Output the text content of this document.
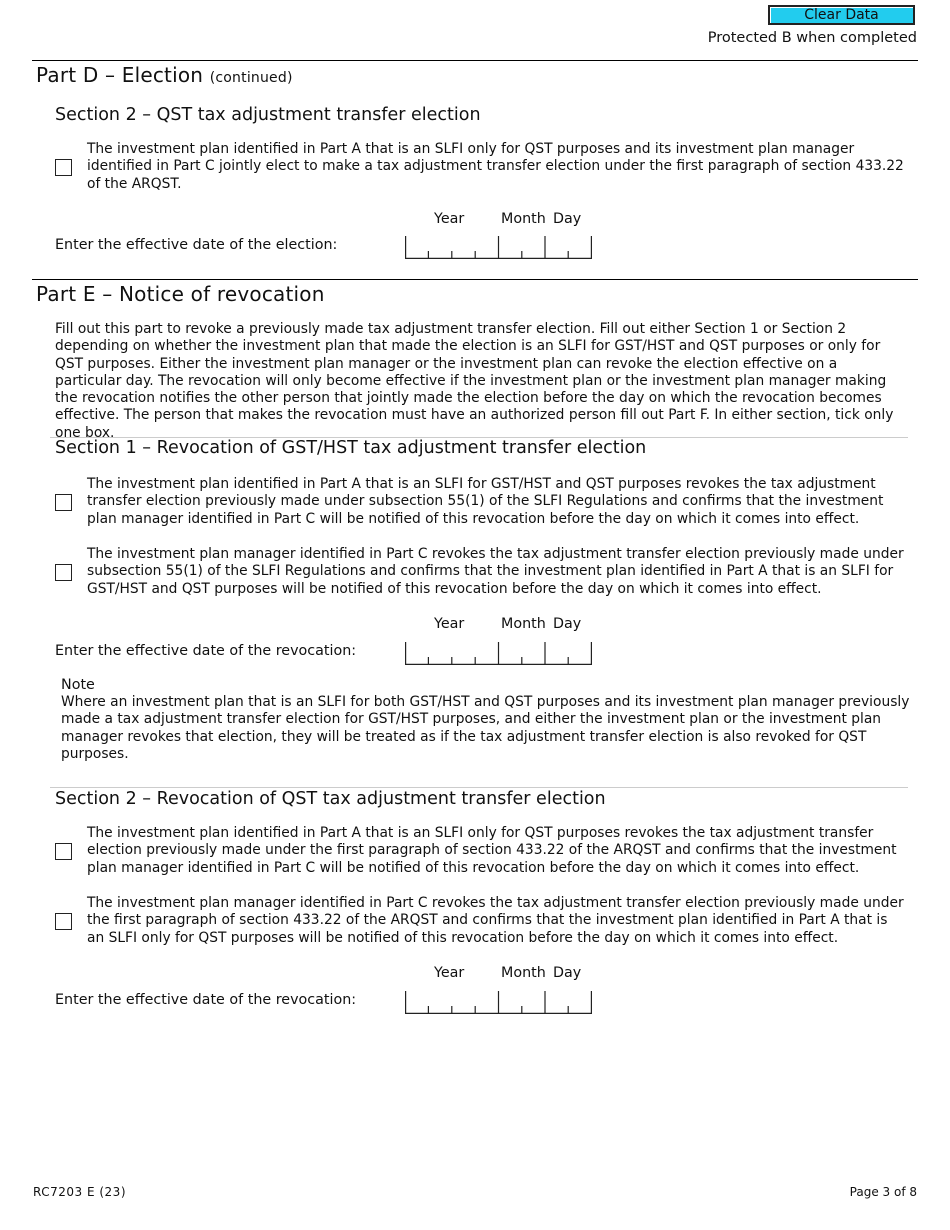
Clear Data
Protected B when completed
Part D – Election (continued)
Section 2 – QST tax adjustment transfer election
The investment plan identified in Part A that is an SLFI only for QST purposes and its investment plan manager identified in Part C jointly elect to make a tax adjustment transfer election under the first paragraph of section 433.22 of the ARQST.
Year	Month Day
Enter the effective date of the election:
Part E – Notice of revocation
Fill out this part to revoke a previously made tax adjustment transfer election. Fill out either Section 1 or Section 2 depending on whether the investment plan that made the election is an SLFI for GST/HST and QST purposes or only for QST purposes. Either the investment plan manager or the investment plan can revoke the election effective on a particular day. The revocation will only become effective if the investment plan or the investment plan manager making the revocation notifies the other person that jointly made the election before the day on which the revocation becomes effective. The person that makes the revocation must have an authorized person fill out Part F. In either section, tick only one box.
Section 1 – Revocation of GST/HST tax adjustment transfer election
The investment plan identified in Part A that is an SLFI for GST/HST and QST purposes revokes the tax adjustment transfer election previously made under subsection 55(1) of the SLFI Regulations and confirms that the investment plan manager identified in Part C will be notified of this revocation before the day on which it comes into effect.
The investment plan manager identified in Part C revokes the tax adjustment transfer election previously made under subsection 55(1) of the SLFI Regulations and confirms that the investment plan identified in Part A that is an SLFI for GST/HST and QST purposes will be notified of this revocation before the day on which it comes into effect.
Year	Month Day
Enter the effective date of the revocation:
Note
Where an investment plan that is an SLFI for both GST/HST and QST purposes and its investment plan manager previously made a tax adjustment transfer election for GST/HST purposes, and either the investment plan or the investment plan manager revokes that election, they will be treated as if the tax adjustment transfer election is also revoked for QST purposes.
Section 2 – Revocation of QST tax adjustment transfer election
The investment plan identified in Part A that is an SLFI only for QST purposes revokes the tax adjustment transfer election previously made under the first paragraph of section 433.22 of the ARQST and confirms that the investment plan manager identified in Part C will be notified of this revocation before the day on which it comes into effect.
The investment plan manager identified in Part C revokes the tax adjustment transfer election previously made under the first paragraph of section 433.22 of the ARQST and confirms that the investment plan identified in Part A that is an SLFI only for QST purposes will be notified of this revocation before the day on which it comes into effect.
Year	Month Day
Enter the effective date of the revocation:
RC7203 E (23)	Page 3 of 8
